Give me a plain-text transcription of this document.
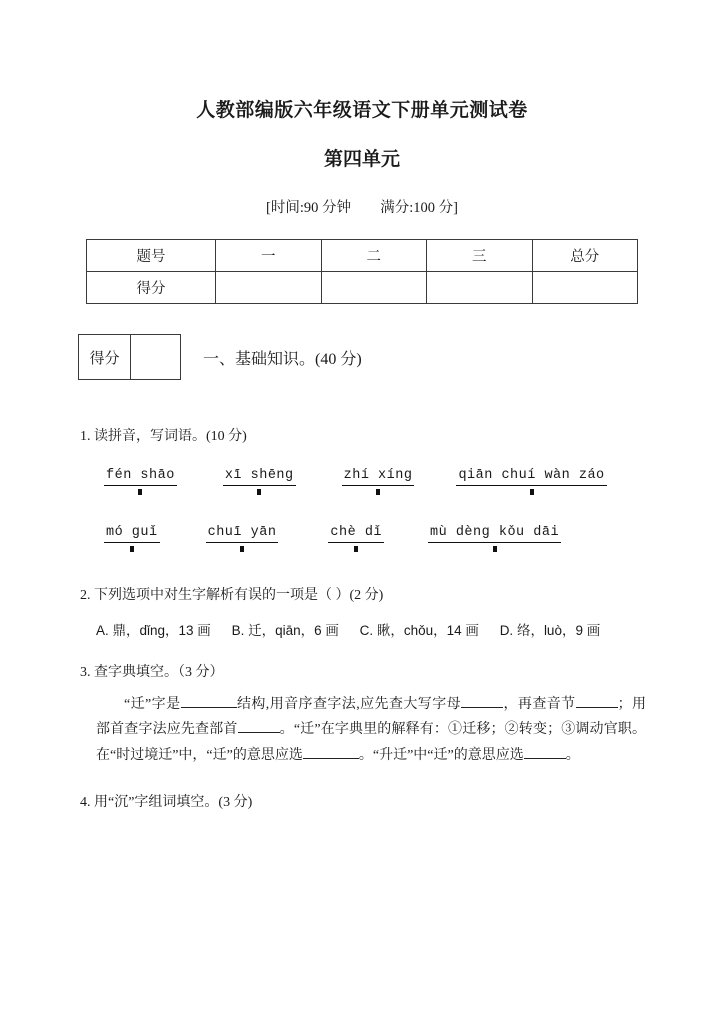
人教部编版六年级语文下册单元测试卷
第四单元

[时间:90 分钟 满分:100 分]

题号	一	二	三	总分
得分				
得分	一、基础知识。(40 分)
1. 读拼音，写词语。(10 分)
fén shāo	xī shēng	zhí xíng	qiān chuí wàn záo
mó guǐ	chuī yān	chè dǐ	mù dèng kǒu dāi
2. 下列选项中对生字解析有误的一项是（ ）(2 分)
A. 鼎，dǐng，13 画 B. 迁，qiān，6 画 C. 瞅，chǒu，14 画 D. 络，luò，9 画
3. 查字典填空。（3 分）
“迁”字是	结构,用音序查字法,应先查大写字母	，再查音节	；用部首查字法应先查部首	。“迁”在字典里的解释有：①迁移；②转变；③调动官职。在“时过境迁”中，“迁”的意思应选	。“升迁”中“迁”的意思应选	。
4. 用“沉”字组词填空。(3 分)
